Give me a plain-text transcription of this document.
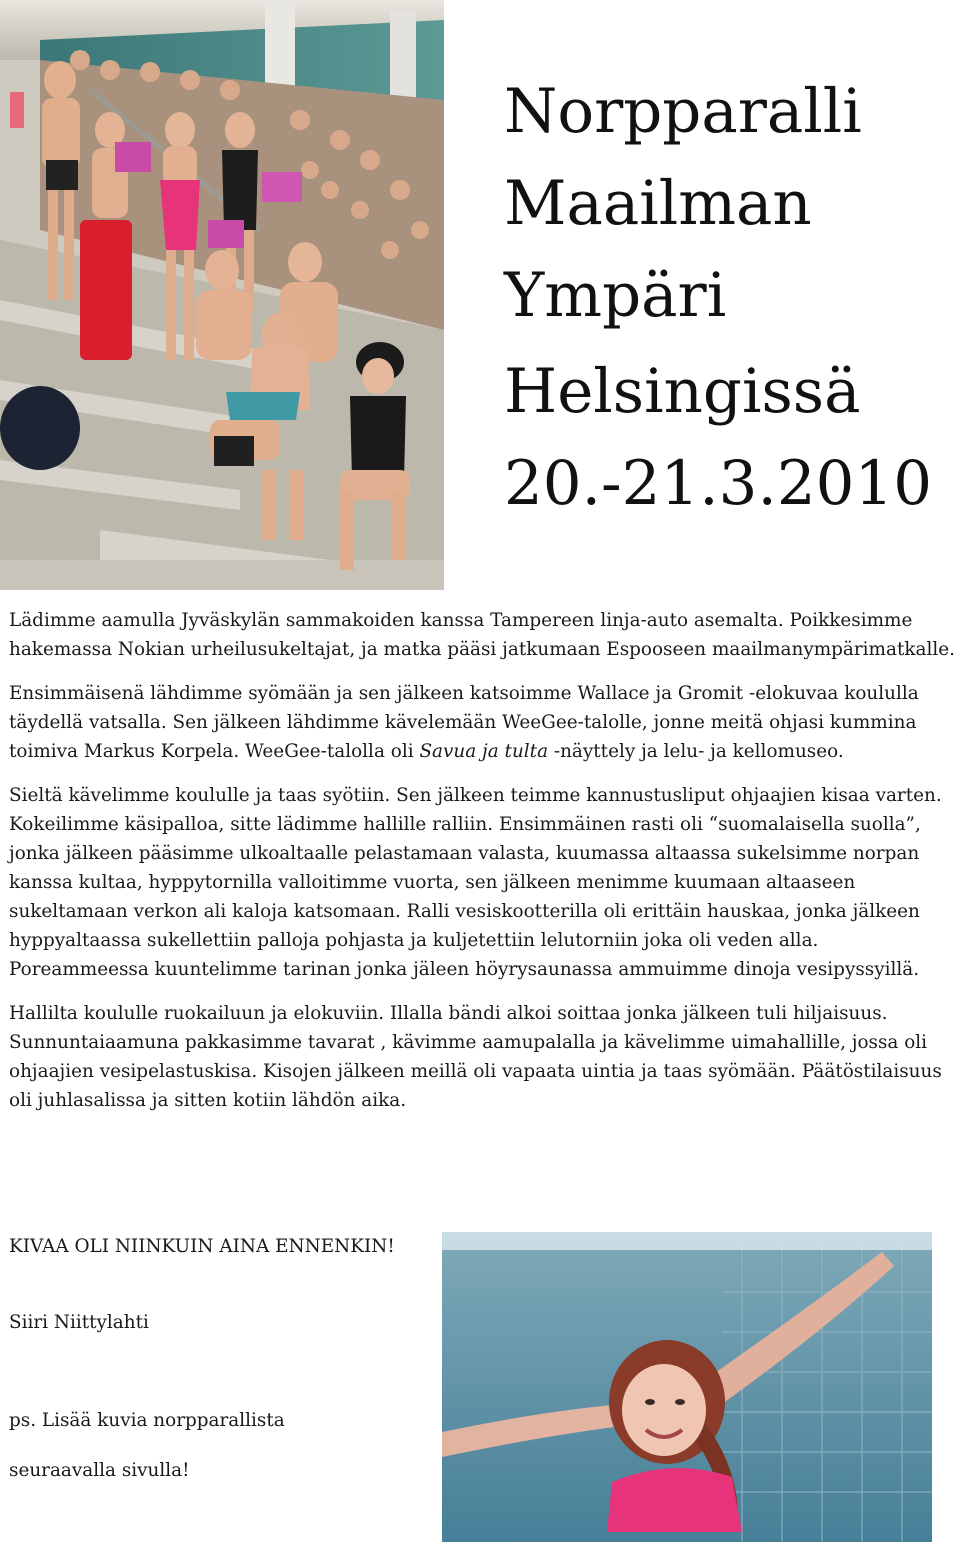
Norpparalli
Maailman
Ympäri
Helsingissä
20.-21.3.2010

Lädimme aamulla Jyväskylän sammakoiden kanssa Tampereen linja-auto asemalta. Poikkesimme hakemassa Nokian urheilusukeltajat, ja matka pääsi jatkumaan Espooseen maailmanympärimatkalle.

Ensimmäisenä lähdimme syömään ja sen jälkeen katsoimme Wallace ja Gromit -elokuvaa koululla täydellä vatsalla. Sen jälkeen lähdimme kävelemään WeeGee-talolle, jonne meitä ohjasi kummina toimiva Markus Korpela. WeeGee-talolla oli Savua ja tulta -näyttely ja lelu- ja kellomuseo.

Sieltä kävelimme koululle ja taas syötiin. Sen jälkeen teimme kannustusliput ohjaajien kisaa varten. Kokeilimme käsipalloa, sitte lädimme hallille ralliin. Ensimmäinen rasti oli “suomalaisella suolla”, jonka jälkeen pääsimme ulkoaltaalle pelastamaan valasta, kuumassa altaassa sukelsimme norpan kanssa kultaa, hyppytornilla valloitimme vuorta, sen jälkeen menimme kuumaan altaaseen sukeltamaan verkon ali kaloja katsomaan. Ralli vesiskootterilla oli erittäin hauskaa, jonka jälkeen hyppyaltaassa sukellettiin palloja pohjasta ja kuljetettiin lelutorniin joka oli veden alla. Poreammeessa kuuntelimme tarinan jonka jäleen höyrysaunassa ammuimme dinoja vesipyssyillä.

Hallilta koululle ruokailuun ja elokuviin. Illalla bändi alkoi soittaa jonka jälkeen tuli hiljaisuus. Sunnuntaiaamuna pakkasimme tavarat , kävimme aamupalalla ja kävelimme uimahallille, jossa oli ohjaajien vesipelastuskisa. Kisojen jälkeen meillä oli vapaata uintia ja taas syömään. Päätöstilaisuus oli juhlasalissa ja sitten kotiin lähdön aika.

KIVAA OLI NIINKUIN AINA ENNENKIN!
Siiri Niittylahti
ps. Lisää kuvia norpparallista
seuraavalla sivulla!
